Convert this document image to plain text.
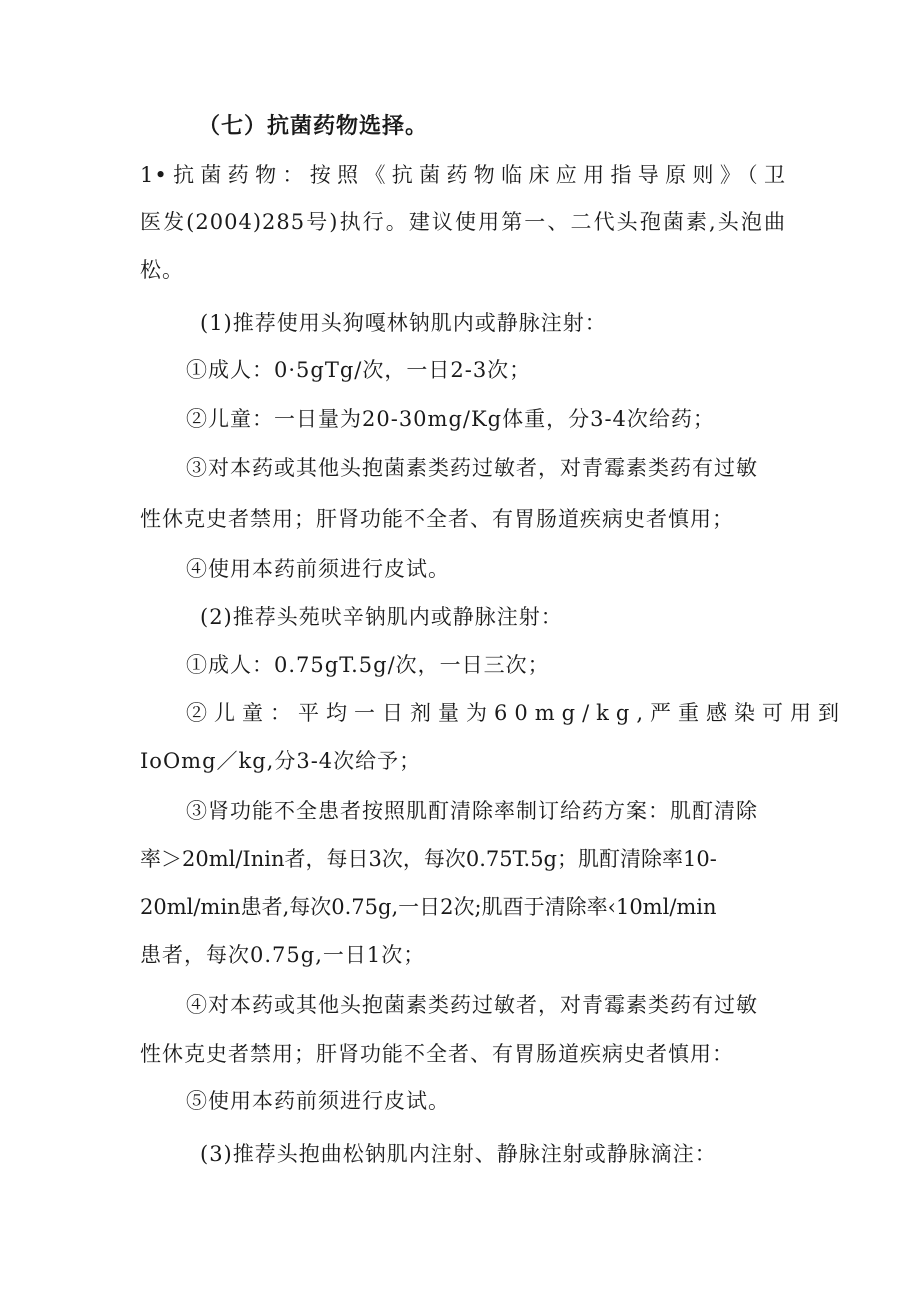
（七）抗菌药物选择。
1•抗菌药物：按照《抗菌药物临床应用指导原则》（卫
医发(2004)285号)执行。建议使用第一、二代头孢菌素,头泡曲
松。
(1)推荐使用头狗嘎林钠肌内或静脉注射：
①成人：0·5gTg/次，一日2-3次；
②儿童：一日量为20-30mg/Kg体重，分3-4次给药；
③对本药或其他头抱菌素类药过敏者，对青霉素类药有过敏
性休克史者禁用；肝肾功能不全者、有胃肠道疾病史者慎用；
④使用本药前须进行皮试。
(2)推荐头苑吠辛钠肌内或静脉注射：
①成人：0.75gT.5g/次，一日三次；
②儿童：平均一日剂量为60mg/kg,严重感染可用到
IoOmg／kg,分3-4次给予；
③肾功能不全患者按照肌酊清除率制订给药方案：肌酊清除
率＞20ml/Inin者，每日3次，每次0.75T.5g；肌酊清除率10-
20ml/min患者,每次0.75g,一日2次;肌酉于清除率‹10ml/min
患者，每次0.75g,一日1次；
④对本药或其他头抱菌素类药过敏者，对青霉素类药有过敏
性休克史者禁用；肝肾功能不全者、有胃肠道疾病史者慎用：
⑤使用本药前须进行皮试。
(3)推荐头抱曲松钠肌内注射、静脉注射或静脉滴注：
